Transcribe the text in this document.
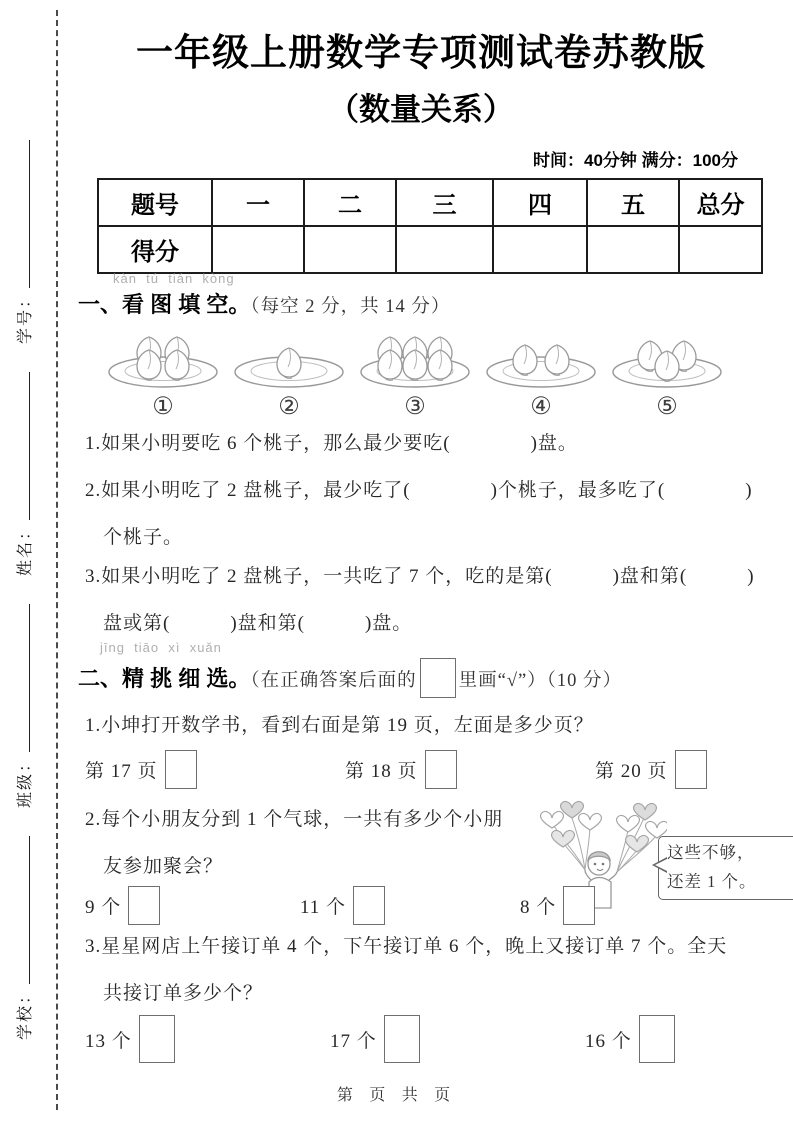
学校： 班级： 姓名： 学号：
一年级上册数学专项测试卷苏教版
（数量关系）
时间：40分钟 满分：100分
题号	一	二	三	四	五	总分
得分						
kàn  tú  tián  kòng
一、看 图 填 空。（每空 2 分，共 14 分）
①	②	③	④	⑤
1.如果小明要吃 6 个桃子，那么最少要吃(　　　　)盘。
2.如果小明吃了 2 盘桃子，最少吃了(　　　　)个桃子，最多吃了(　　　　)
个桃子。
3.如果小明吃了 2 盘桃子，一共吃了 7 个，吃的是第(　　　)盘和第(　　　)
盘或第(　　　)盘和第(　　　)盘。
jīng  tiāo  xì  xuǎn
二、精 挑 细 选。（在正确答案后面的 里画“√”）（10 分）
1.小坤打开数学书，看到右面是第 19 页，左面是多少页？
第 17 页	第 18 页	第 20 页
2.每个小朋友分到 1 个气球，一共有多少个小朋
友参加聚会？
这些不够，
还差 1 个。
9 个	11 个	8 个
3.星星网店上午接订单 4 个，下午接订单 6 个，晚上又接订单 7 个。全天
共接订单多少个？
13 个	17 个	16 个
第 页 共 页
